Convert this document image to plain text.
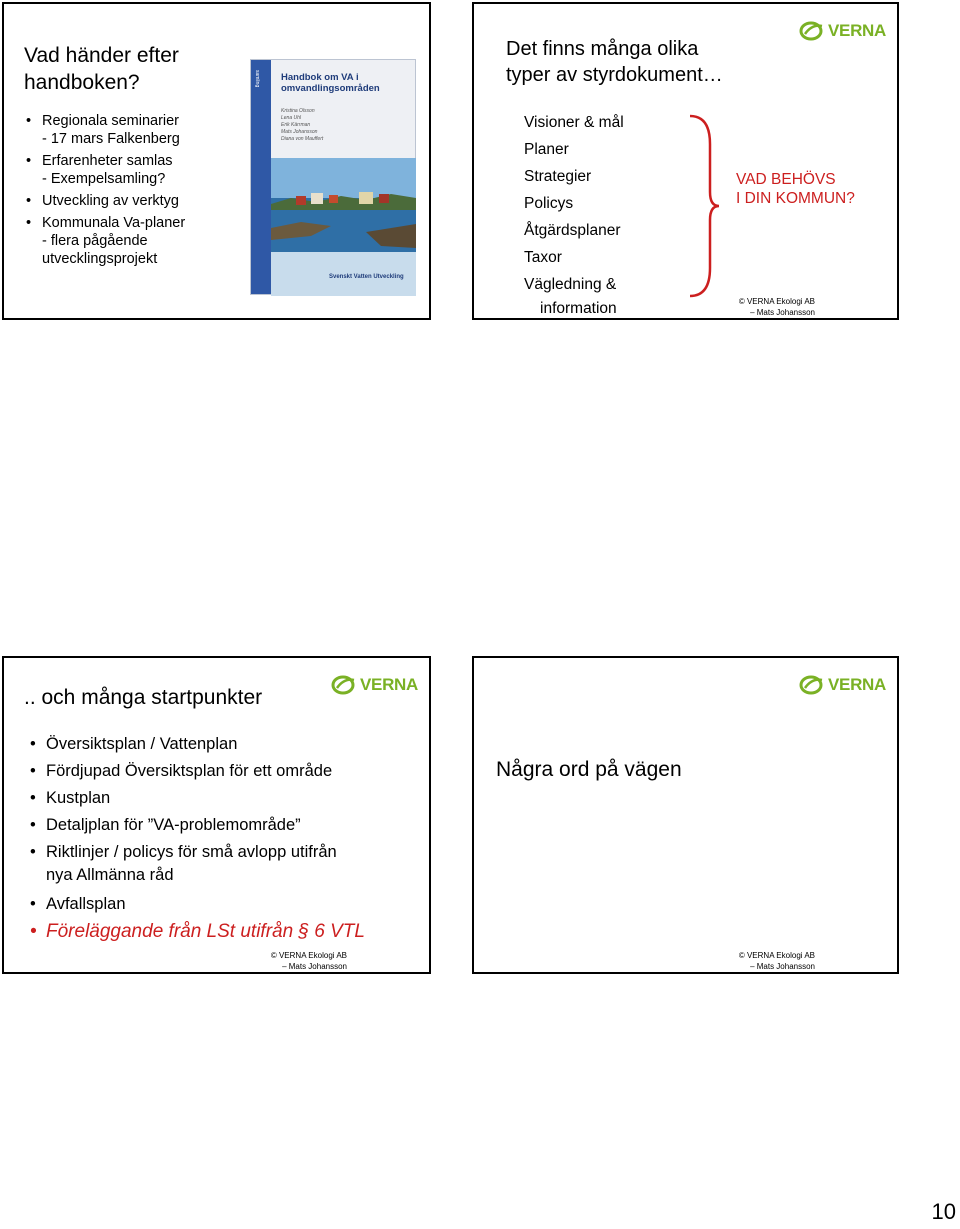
Vad händer efter
handboken?
• Regionala seminarier
- 17 mars Falkenberg
• Erfarenheter samlas
- Exempelsamling?
• Utveckling av verktyg
• Kommunala Va-planer
- flera pågående
utvecklingsprojekt
samling Handbok om VA i
omvandlingsområden
Kristina Olsson
Lena Uhl
Erik Kärrman
Mats Johansson
Diana von Mauffert
Svenskt Vatten Utveckling
VERNA
Det finns många olika
typer av styrdokument…
Visioner & mål
Planer
Strategier
Policys
Åtgärdsplaner
Taxor
Vägledning &
information
VAD BEHÖVS
I DIN KOMMUN?
© VERNA Ekologi AB
– Mats Johansson
VERNA
.. och många startpunkter
• Översiktsplan / Vattenplan
• Fördjupad Översiktsplan för ett område
• Kustplan
• Detaljplan för ”VA-problemområde”
• Riktlinjer / policys för små avlopp utifrån
nya Allmänna råd
• Avfallsplan
• Föreläggande från LSt utifrån § 6 VTL
© VERNA Ekologi AB
– Mats Johansson
VERNA
Några ord på vägen
© VERNA Ekologi AB
– Mats Johansson
10
